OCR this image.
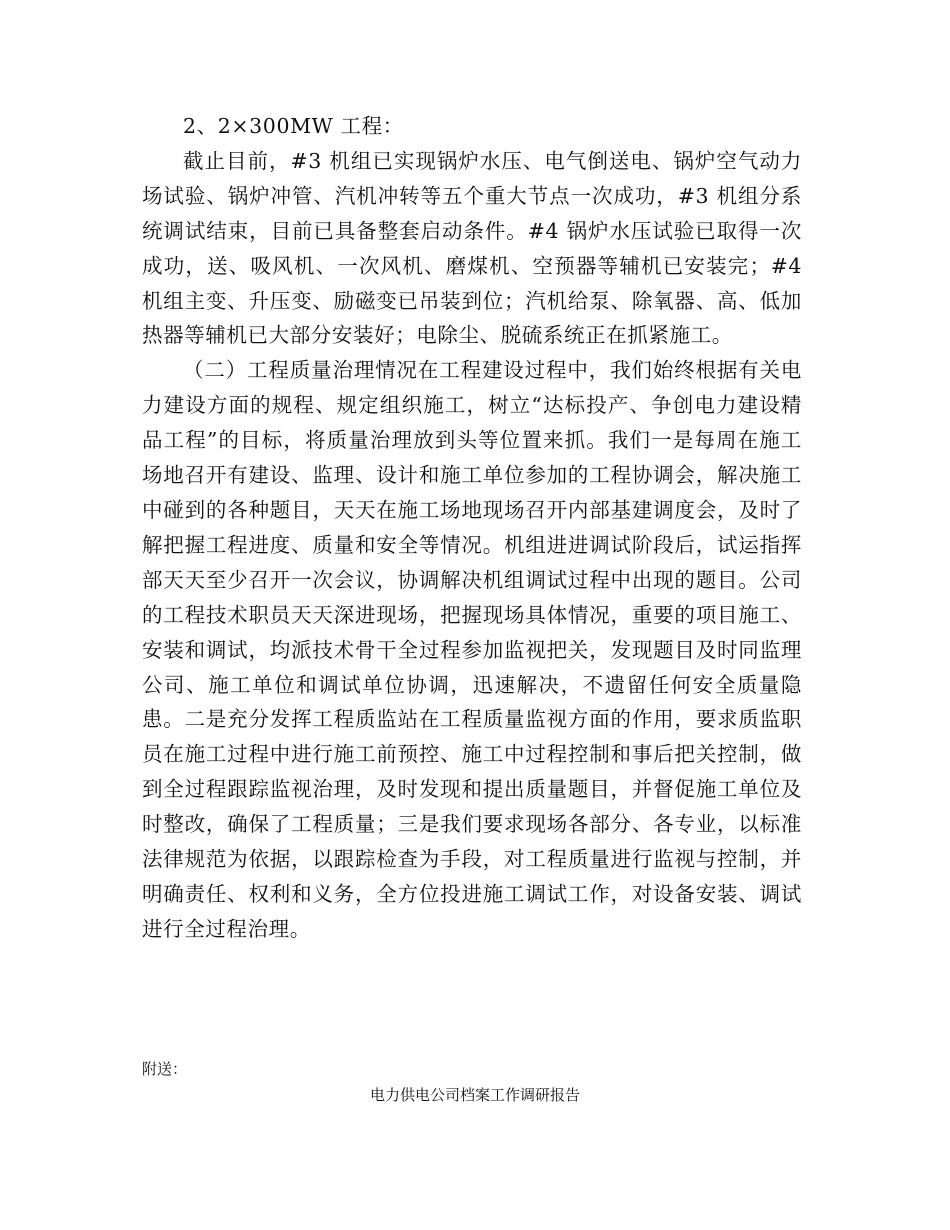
2、2×300MW 工程：

截止目前，#3 机组已实现锅炉水压、电气倒送电、锅炉空气动力场试验、锅炉冲管、汽机冲转等五个重大节点一次成功，#3 机组分系统调试结束，目前已具备整套启动条件。#4 锅炉水压试验已取得一次成功，送、吸风机、一次风机、磨煤机、空预器等辅机已安装完；#4 机组主变、升压变、励磁变已吊装到位；汽机给泵、除氧器、高、低加热器等辅机已大部分安装好；电除尘、脱硫系统正在抓紧施工。

（二）工程质量治理情况在工程建设过程中，我们始终根据有关电力建设方面的规程、规定组织施工，树立“达标投产、争创电力建设精品工程”的目标，将质量治理放到头等位置来抓。我们一是每周在施工场地召开有建设、监理、设计和施工单位参加的工程协调会，解决施工中碰到的各种题目，天天在施工场地现场召开内部基建调度会，及时了解把握工程进度、质量和安全等情况。机组进进调试阶段后，试运指挥部天天至少召开一次会议，协调解决机组调试过程中出现的题目。公司的工程技术职员天天深进现场，把握现场具体情况，重要的项目施工、安装和调试，均派技术骨干全过程参加监视把关，发现题目及时同监理公司、施工单位和调试单位协调，迅速解决，不遗留任何安全质量隐患。二是充分发挥工程质监站在工程质量监视方面的作用，要求质监职员在施工过程中进行施工前预控、施工中过程控制和事后把关控制，做到全过程跟踪监视治理，及时发现和提出质量题目，并督促施工单位及时整改，确保了工程质量；三是我们要求现场各部分、各专业，以标准法律规范为依据，以跟踪检查为手段，对工程质量进行监视与控制，并明确责任、权利和义务，全方位投进施工调试工作，对设备安装、调试进行全过程治理。

附送：
电力供电公司档案工作调研报告
